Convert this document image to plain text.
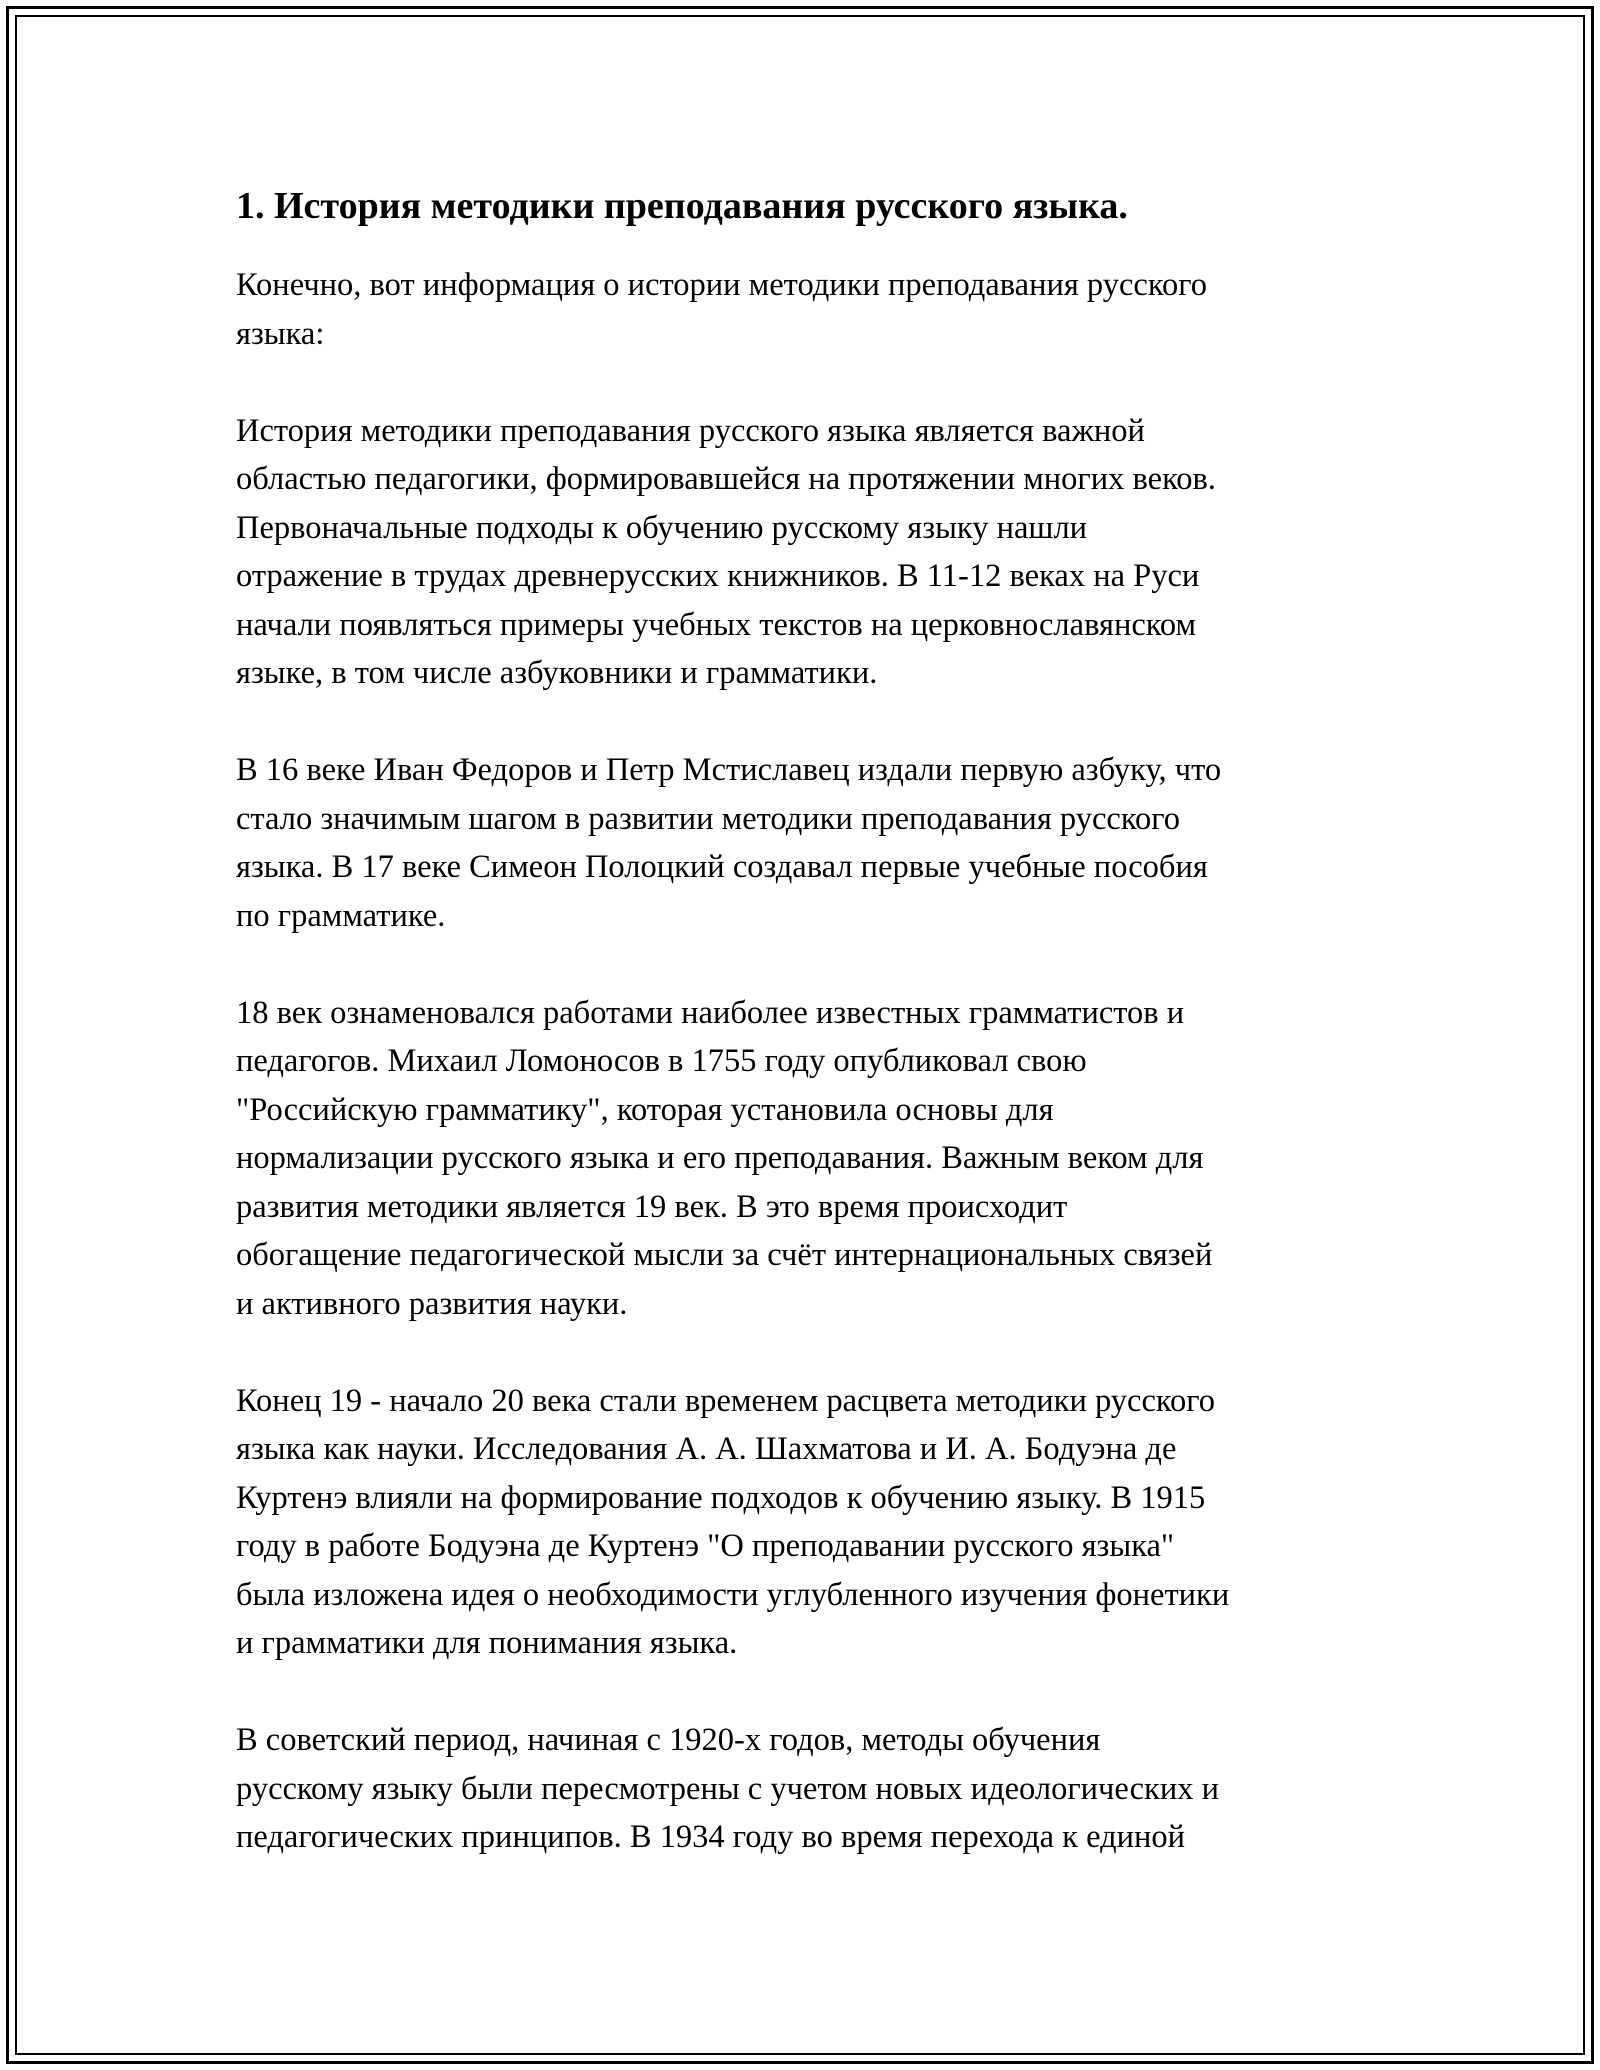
1. История методики преподавания русского языка.

Конечно, вот информация о истории методики преподавания русского
языка:

История методики преподавания русского языка является важной
областью педагогики, формировавшейся на протяжении многих веков.
Первоначальные подходы к обучению русскому языку нашли
отражение в трудах древнерусских книжников. В 11-12 веках на Руси
начали появляться примеры учебных текстов на церковнославянском
языке, в том числе азбуковники и грамматики.

В 16 веке Иван Федоров и Петр Мстиславец издали первую азбуку, что
стало значимым шагом в развитии методики преподавания русского
языка. В 17 веке Симеон Полоцкий создавал первые учебные пособия
по грамматике.

18 век ознаменовался работами наиболее известных грамматистов и
педагогов. Михаил Ломоносов в 1755 году опубликовал свою
"Российскую грамматику", которая установила основы для
нормализации русского языка и его преподавания. Важным веком для
развития методики является 19 век. В это время происходит
обогащение педагогической мысли за счёт интернациональных связей
и активного развития науки.

Конец 19 - начало 20 века стали временем расцвета методики русского
языка как науки. Исследования А. А. Шахматова и И. А. Бодуэна де
Куртенэ влияли на формирование подходов к обучению языку. В 1915
году в работе Бодуэна де Куртенэ "О преподавании русского языка"
была изложена идея о необходимости углубленного изучения фонетики
и грамматики для понимания языка.

В советский период, начиная с 1920-х годов, методы обучения
русскому языку были пересмотрены с учетом новых идеологических и
педагогических принципов. В 1934 году во время перехода к единой
